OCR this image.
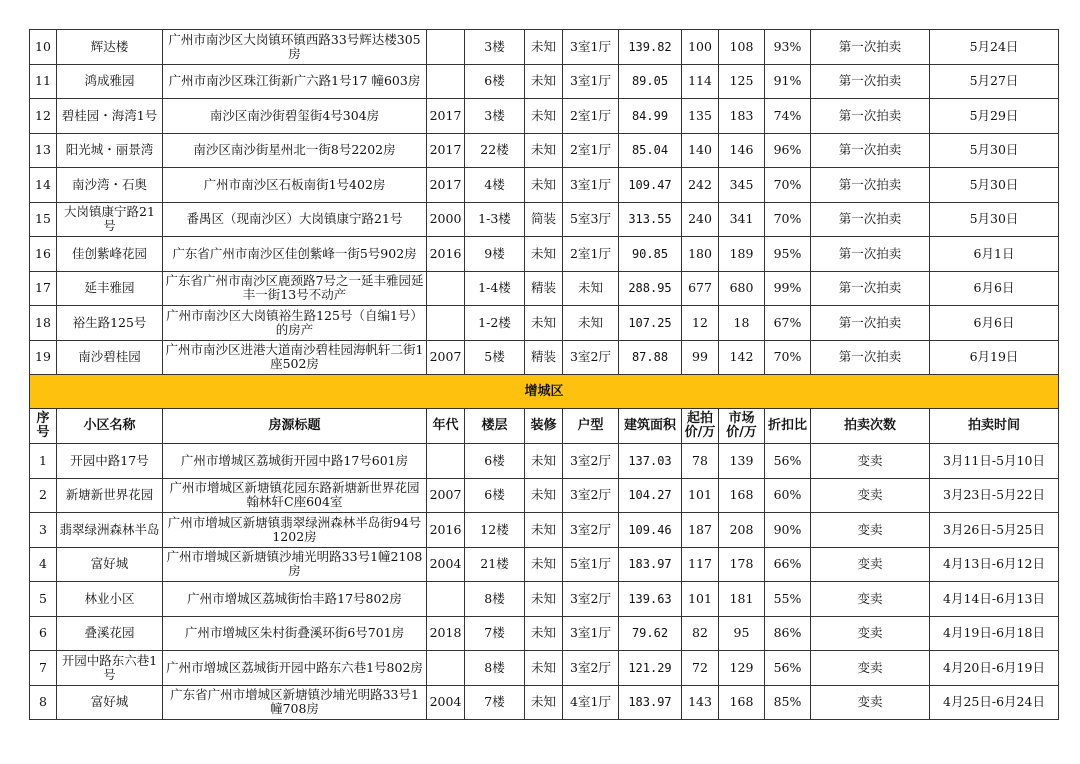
10	辉达楼	广州市南沙区大岗镇环镇西路33号辉达楼305房		3楼	未知	3室1厅	139.82	100	108	93%	第一次拍卖	5月24日
11	鸿成雅园	广州市南沙区珠江街新广六路1号17 幢603房		6楼	未知	3室1厅	89.05	114	125	91%	第一次拍卖	5月27日
12	碧桂园・海湾1号	南沙区南沙街碧玺街4号304房	2017	3楼	未知	2室1厅	84.99	135	183	74%	第一次拍卖	5月29日
13	阳光城・丽景湾	南沙区南沙街星州北一街8号2202房	2017	22楼	未知	2室1厅	85.04	140	146	96%	第一次拍卖	5月30日
14	南沙湾・石奥	广州市南沙区石板南街1号402房	2017	4楼	未知	3室1厅	109.47	242	345	70%	第一次拍卖	5月30日
15	大岗镇康宁路21号	番禺区（现南沙区）大岗镇康宁路21号	2000	1-3楼	简装	5室3厅	313.55	240	341	70%	第一次拍卖	5月30日
16	佳创紫峰花园	广东省广州市南沙区佳创紫峰一街5号902房	2016	9楼	未知	2室1厅	90.85	180	189	95%	第一次拍卖	6月1日
17	延丰雅园	广东省广州市南沙区鹿颈路7号之一延丰雅园延丰一街13号不动产		1-4楼	精装	未知	288.95	677	680	99%	第一次拍卖	6月6日
18	裕生路125号	广州市南沙区大岗镇裕生路125号（自编1号）的房产		1-2楼	未知	未知	107.25	12	18	67%	第一次拍卖	6月6日
19	南沙碧桂园	广州市南沙区进港大道南沙碧桂园海帆轩二街1座502房	2007	5楼	精装	3室2厅	87.88	99	142	70%	第一次拍卖	6月19日
增城区												
序号	小区名称	房源标题	年代	楼层	装修	户型	建筑面积	起拍价/万	市场价/万	折扣比	拍卖次数	拍卖时间
1	开园中路17号	广州市增城区荔城街开园中路17号601房		6楼	未知	3室2厅	137.03	78	139	56%	变卖	3月11日-5月10日
2	新塘新世界花园	广州市增城区新塘镇花园东路新塘新世界花园翰林轩C座604室	2007	6楼	未知	3室2厅	104.27	101	168	60%	变卖	3月23日-5月22日
3	翡翠绿洲森林半岛	广州市增城区新塘镇翡翠绿洲森林半岛街94号1202房	2016	12楼	未知	3室2厅	109.46	187	208	90%	变卖	3月26日-5月25日
4	富好城	广州市增城区新塘镇沙埔光明路33号1幢2108房	2004	21楼	未知	5室1厅	183.97	117	178	66%	变卖	4月13日-6月12日
5	林业小区	广州市增城区荔城街怡丰路17号802房		8楼	未知	3室2厅	139.63	101	181	55%	变卖	4月14日-6月13日
6	叠溪花园	广州市增城区朱村街叠溪环街6号701房	2018	7楼	未知	3室1厅	79.62	82	95	86%	变卖	4月19日-6月18日
7	开园中路东六巷1号	广州市增城区荔城街开园中路东六巷1号802房		8楼	未知	3室2厅	121.29	72	129	56%	变卖	4月20日-6月19日
8	富好城	广东省广州市增城区新塘镇沙埔光明路33号1幢708房	2004	7楼	未知	4室1厅	183.97	143	168	85%	变卖	4月25日-6月24日
